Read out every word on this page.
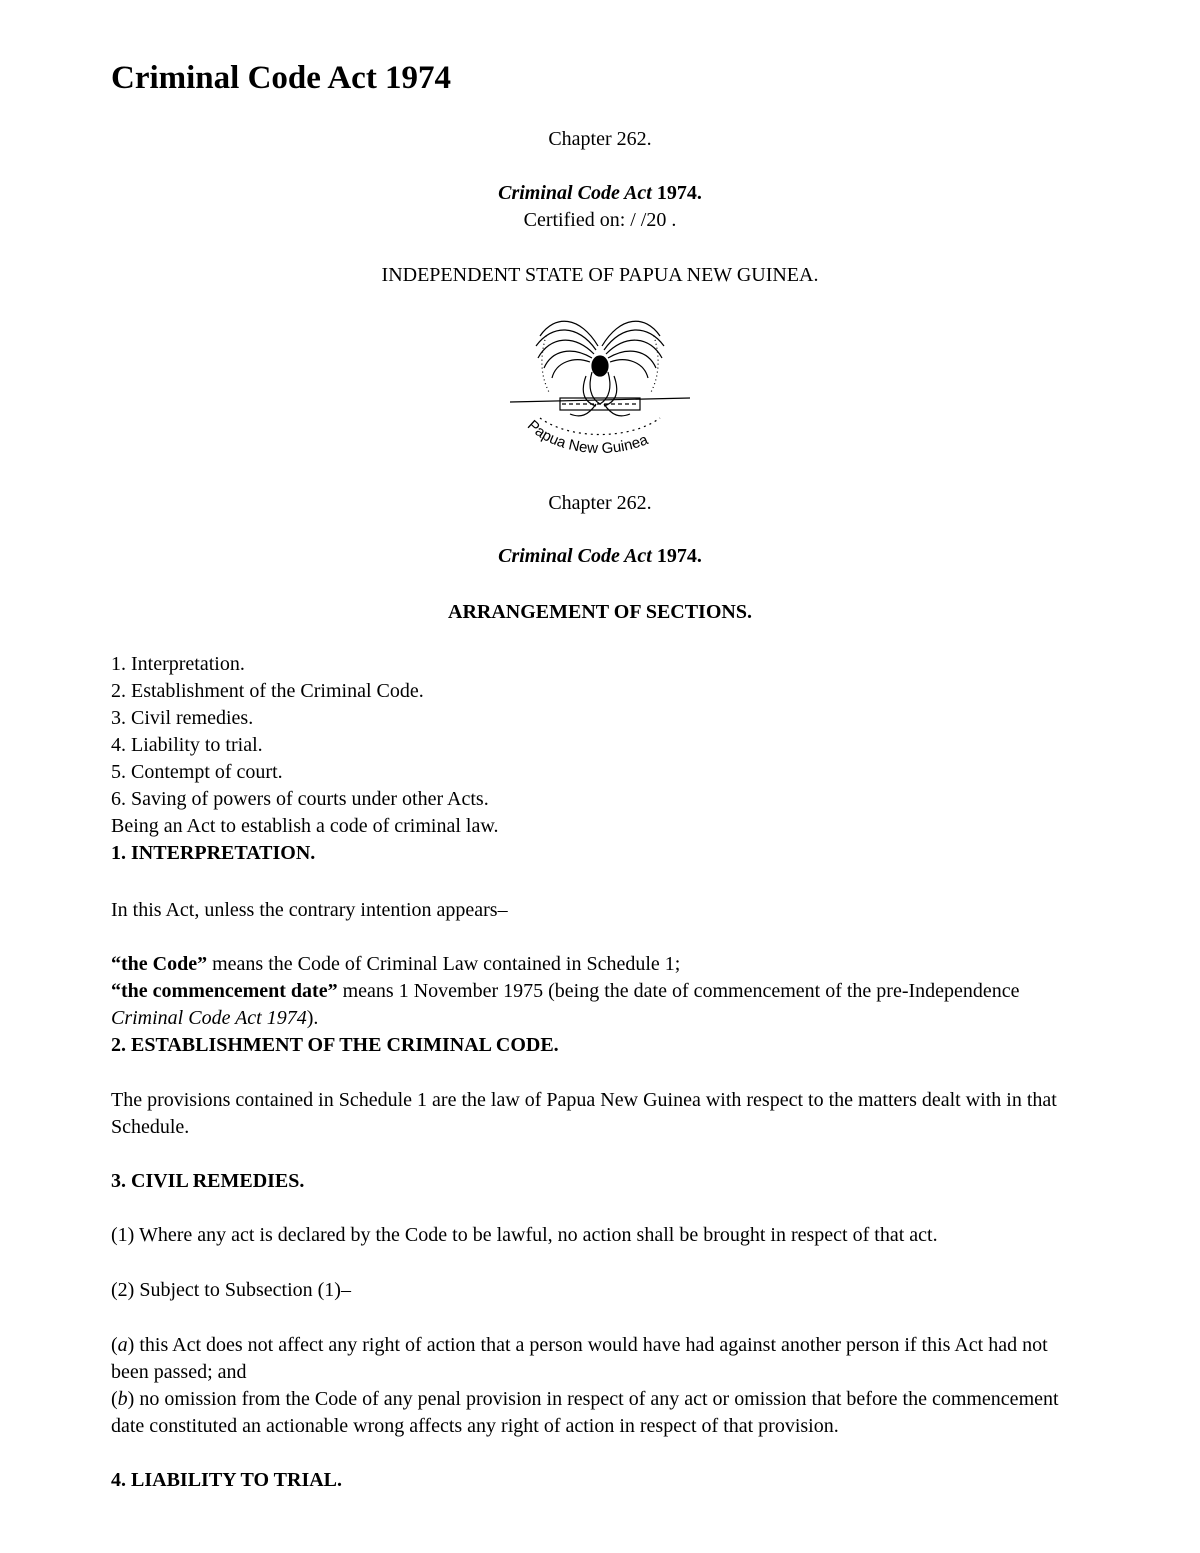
Criminal Code Act 1974
Chapter 262.
Criminal Code Act 1974.
Certified on: / /20 .
INDEPENDENT STATE OF PAPUA NEW GUINEA.
Papua New Guinea
Chapter 262.
Criminal Code Act 1974.
ARRANGEMENT OF SECTIONS.
1. Interpretation.
2. Establishment of the Criminal Code.
3. Civil remedies.
4. Liability to trial.
5. Contempt of court.
6. Saving of powers of courts under other Acts.
Being an Act to establish a code of criminal law.
1. INTERPRETATION.
In this Act, unless the contrary intention appears–
“the Code” means the Code of Criminal Law contained in Schedule 1;
“the commencement date” means 1 November 1975 (being the date of commencement of the pre-Independence Criminal Code Act 1974).
2. ESTABLISHMENT OF THE CRIMINAL CODE.
The provisions contained in Schedule 1 are the law of Papua New Guinea with respect to the matters dealt with in that Schedule.
3. CIVIL REMEDIES.
(1) Where any act is declared by the Code to be lawful, no action shall be brought in respect of that act.
(2) Subject to Subsection (1)–
(a) this Act does not affect any right of action that a person would have had against another person if this Act had not been passed; and
(b) no omission from the Code of any penal provision in respect of any act or omission that before the commencement date constituted an actionable wrong affects any right of action in respect of that provision.
4. LIABILITY TO TRIAL.
